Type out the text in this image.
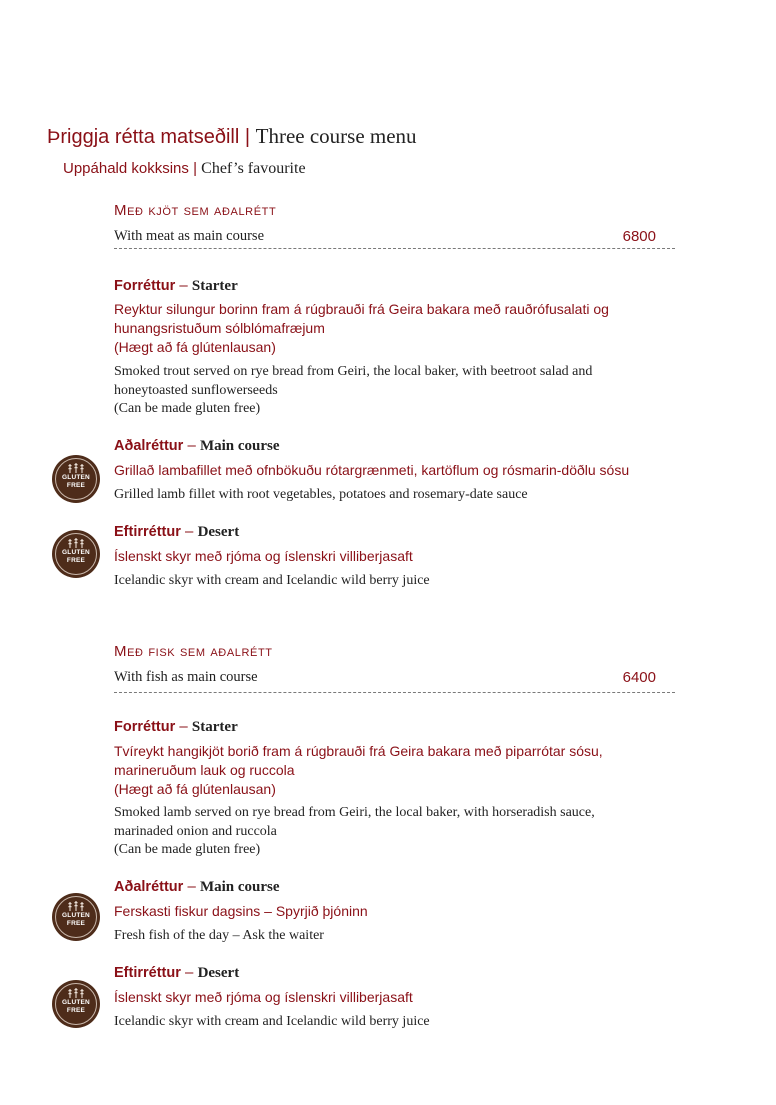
Þriggja rétta matseðill | Three course menu
Uppáhald kokksins | Chef’s favourite
Með kjöt sem aðalrétt
With meat as main course	6800
Forréttur – Starter
Reyktur silungur borinn fram á rúgbrauði frá Geira bakara með rauðrófusalati og
hunangsristuðum sólblómafræjum
(Hægt að fá glútenlausan)
Smoked trout served on rye bread from Geiri, the local baker, with beetroot salad and
honeytoasted sunflowerseeds
(Can be made gluten free)
GLUTEN
FREE
Aðalréttur – Main course
Grillað lambafillet með ofnbökuðu rótargrænmeti, kartöflum og rósmarin-döðlu sósu
Grilled lamb fillet with root vegetables, potatoes and rosemary-date sauce
GLUTEN
FREE
Eftirréttur – Desert
Íslenskt skyr með rjóma og íslenskri villiberjasaft
Icelandic skyr with cream and Icelandic wild berry juice
Með fisk sem aðalrétt
With fish as main course	6400
Forréttur – Starter
Tvíreykt hangikjöt borið fram á rúgbrauði frá Geira bakara með piparrótar sósu,
marineruðum lauk og ruccola
(Hægt að fá glútenlausan)
Smoked lamb served on rye bread from Geiri, the local baker, with horseradish sauce,
marinaded onion and ruccola
(Can be made gluten free)
GLUTEN
FREE
Aðalréttur – Main course
Ferskasti fiskur dagsins – Spyrjið þjóninn
Fresh fish of the day – Ask the waiter
GLUTEN
FREE
Eftirréttur – Desert
Íslenskt skyr með rjóma og íslenskri villiberjasaft
Icelandic skyr with cream and Icelandic wild berry juice
